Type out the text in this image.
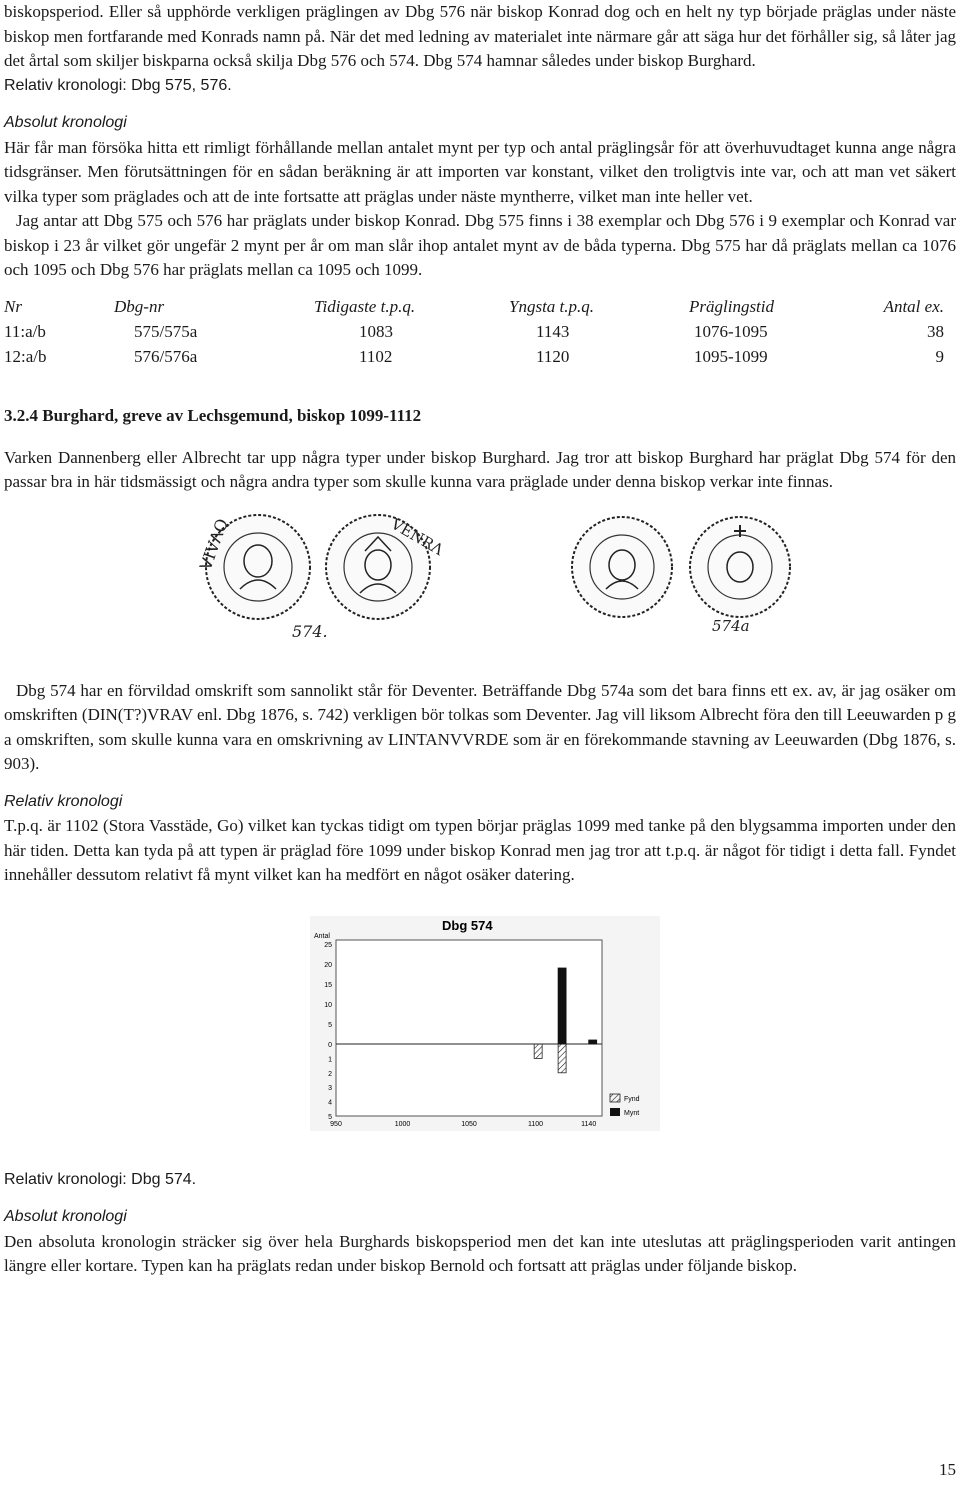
biskopsperiod. Eller så upphörde verkligen präglingen av Dbg 576 när biskop Konrad dog och en helt ny typ började präglas under näste biskop men fortfarande med Konrads namn på. När det med ledning av materialet inte närmare går att säga hur det förhåller sig, så låter jag det årtal som skiljer biskparna också skilja Dbg 576 och 574. Dbg 574 hamnar således under biskop Burghard.

Relativ kronologi: Dbg 575, 576.

Absolut kronologi

Här får man försöka hitta ett rimligt förhållande mellan antalet mynt per typ och antal präglingsår för att överhuvudtaget kunna ange några tidsgränser. Men förutsättningen för en sådan beräkning är att importen var konstant, vilket den troligtvis inte var, och att man vet säkert vilka typer som präglades och att de inte fortsatte att präglas under näste myntherre, vilket man inte heller vet.

Jag antar att Dbg 575 och 576 har präglats under biskop Konrad. Dbg 575 finns i 38 exemplar och Dbg 576 i 9 exemplar och Konrad var biskop i 23 år vilket gör ungefär 2 mynt per år om man slår ihop antalet mynt av de båda typerna. Dbg 575 har då präglats mellan ca 1076 och 1095 och Dbg 576 har präglats mellan ca 1095 och 1099.

Nr	Dbg-nr	Tidigaste t.p.q.	Yngsta t.p.q.	Präglingstid	Antal ex.
11:a/b	575/575a	1083	1143	1076-1095	38
12:a/b	576/576a	1102	1120	1095-1099	9
3.2.4 Burghard, greve av Lechsgemund, biskop 1099-1112

Varken Dannenberg eller Albrecht tar upp några typer under biskop Burghard. Jag tror att biskop Burghard har präglat Dbg 574 för den passar bra in här tidsmässigt och några andra typer som skulle kunna vara präglade under denna biskop verkar inte finnas.

ᐯIVᐱQ	VENRΛ
574.	574a

Dbg 574 har en förvildad omskrift som sannolikt står för Deventer. Beträffande Dbg 574a som det bara finns ett ex. av, är jag osäker om omskriften (DIN(T?)VRAV enl. Dbg 1876, s. 742) verkligen bör tolkas som Deventer. Jag vill liksom Albrecht föra den till Leeuwarden p g a omskriften, som skulle kunna vara en omskrivning av LINTANVVRDE som är en förekommande stavning av Leeuwarden (Dbg 1876, s. 903).

Relativ kronologi

T.p.q. är 1102 (Stora Vasstäde, Go) vilket kan tyckas tidigt om typen börjar präglas 1099 med tanke på den blygsamma importen under den här tiden. Detta kan tyda på att typen är präglad före 1099 under biskop Konrad men jag tror att t.p.q. är något för tidigt i detta fall. Fyndet innehåller dessutom relativt få mynt vilket kan ha medfört en något osäker datering.

Dbg 574
Antal
25
20
15
10
5
0
1
2
3
4
5
950	1000	1050	1100	1140
Fynd
Mynt

Relativ kronologi: Dbg 574.

Absolut kronologi

Den absoluta kronologin sträcker sig över hela Burghards biskopsperiod men det kan inte uteslutas att präglingsperioden varit antingen längre eller kortare. Typen kan ha präglats redan under biskop Bernold och fortsatt att präglas under följande biskop.

15
